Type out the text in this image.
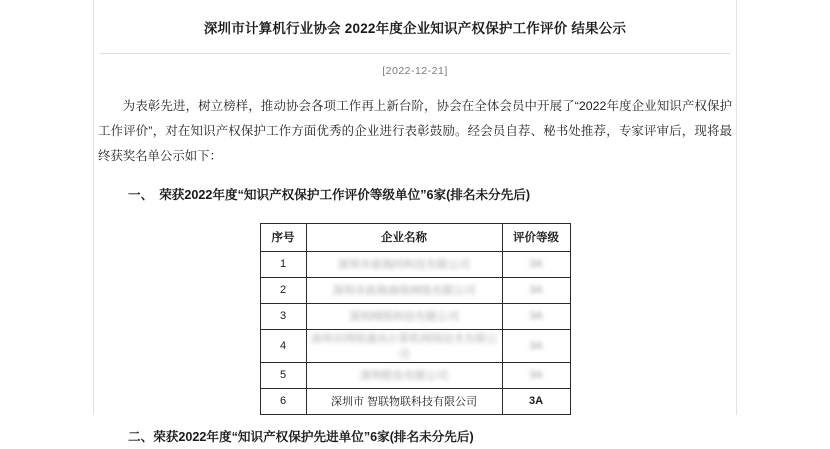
深圳市计算机行业协会 2022年度企业知识产权保护工作评价 结果公示
[2022-12-21]
为表彰先进，树立榜样，推动协会各项工作再上新台阶，协会在全体会员中开展了“2022年度企业知识产权保护工作评价”，对在知识产权保护工作方面优秀的企业进行表彰鼓励。经会员自荐、秘书处推荐，专家评审后，现将最终获奖名单公示如下：
一、 荣获2022年度“知识产权保护工作评价等级单位”6家(排名未分先后)
序号	企业名称	评价等级
1	深圳市前海同科技有限公司	3A
2	深圳市前海商络网络有限公司	3A
3	深圳网络科技有限公司	3A
4	深圳市网络通讯计算机网络技术有限公司	3A
5	深圳股份有限公司	3A
6	深圳市 智联物联科技有限公司	3A
二、荣获2022年度“知识产权保护先进单位”6家(排名未分先后)
